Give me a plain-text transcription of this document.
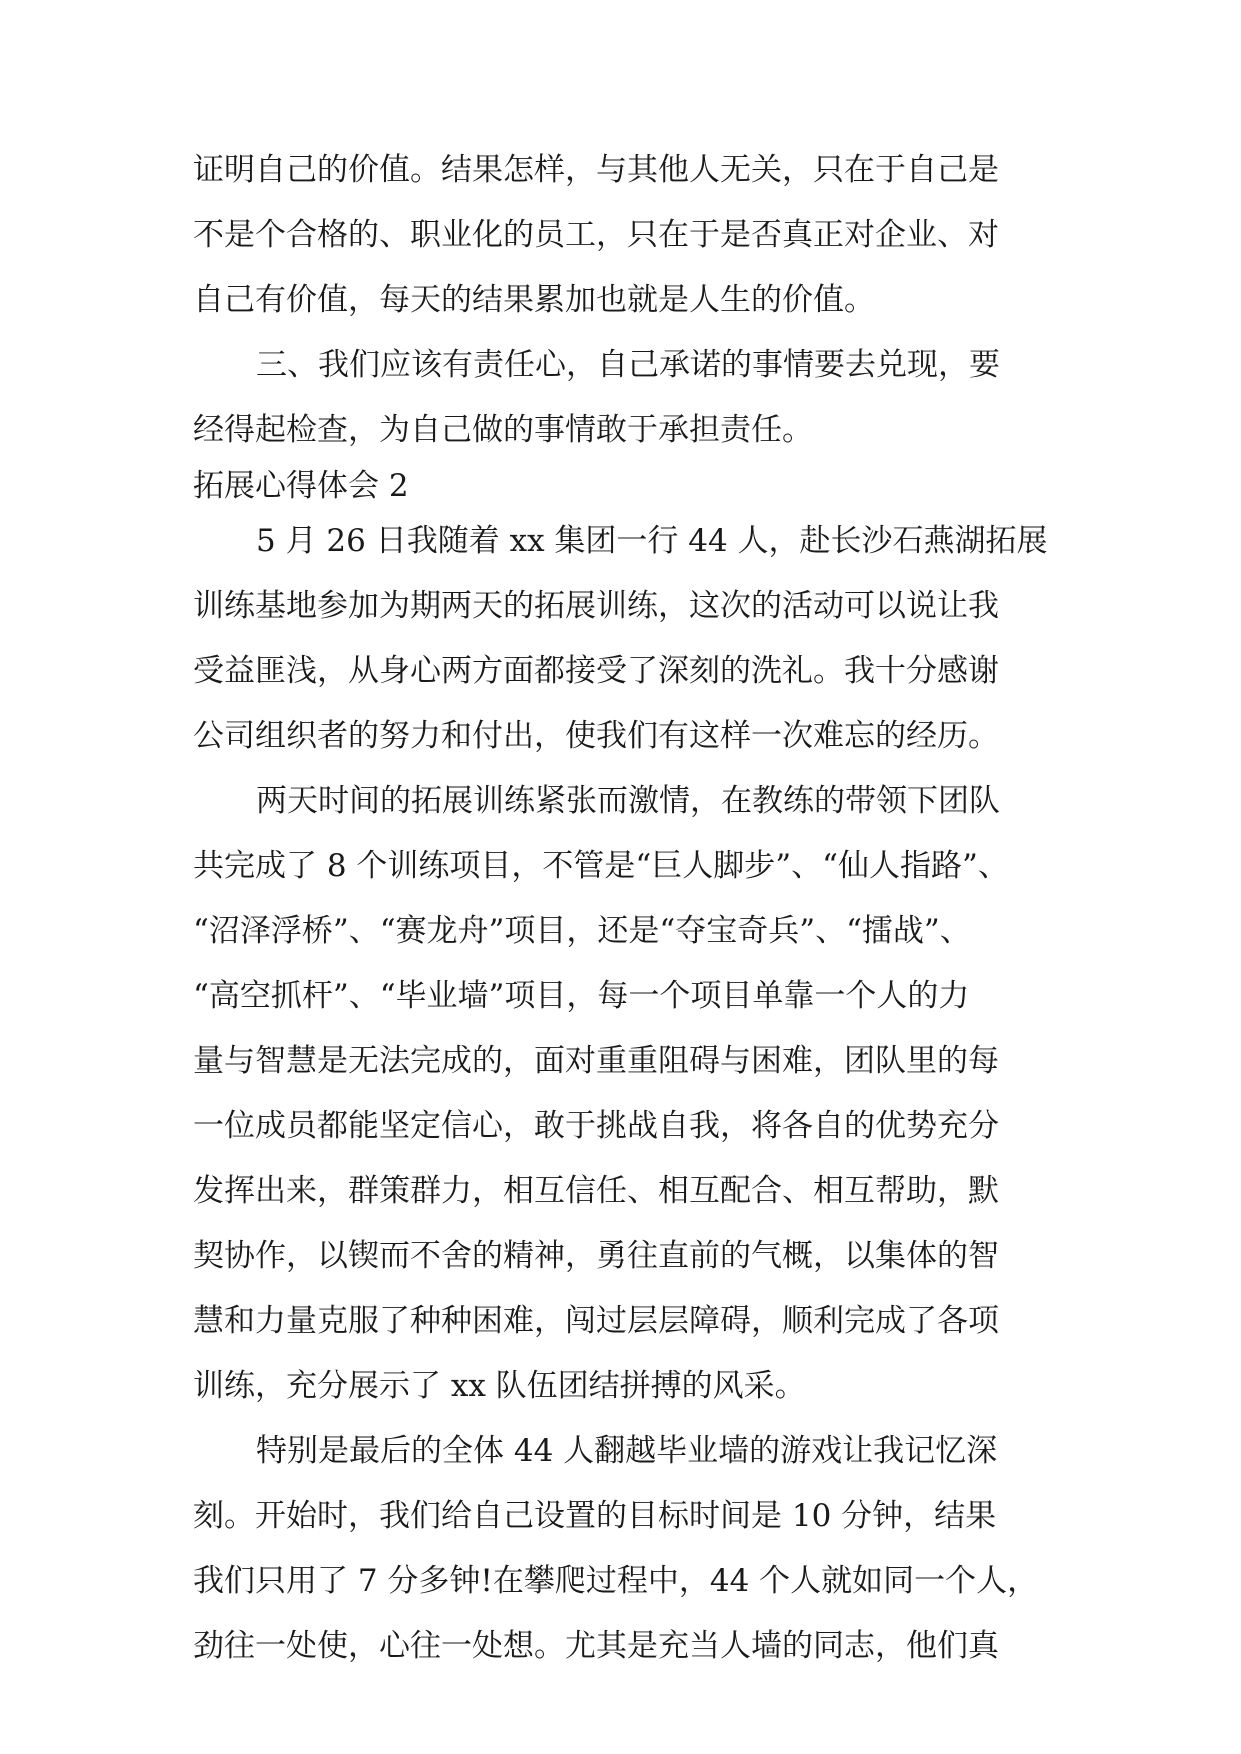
证明自己的价值。结果怎样，与其他人无关，只在于自己是
不是个合格的、职业化的员工，只在于是否真正对企业、对
自己有价值，每天的结果累加也就是人生的价值。
三、我们应该有责任心，自己承诺的事情要去兑现，要
经得起检查，为自己做的事情敢于承担责任。
拓展心得体会 2
5 月 26 日我随着 xx 集团一行 44 人，赴长沙石燕湖拓展
训练基地参加为期两天的拓展训练，这次的活动可以说让我
受益匪浅，从身心两方面都接受了深刻的洗礼。我十分感谢
公司组织者的努力和付出，使我们有这样一次难忘的经历。
两天时间的拓展训练紧张而激情，在教练的带领下团队
共完成了 8 个训练项目，不管是“巨人脚步”、“仙人指路”、
“沼泽浮桥”、“赛龙舟”项目，还是“夺宝奇兵”、“擂战”、
“高空抓杆”、“毕业墙”项目，每一个项目单靠一个人的力
量与智慧是无法完成的，面对重重阻碍与困难，团队里的每
一位成员都能坚定信心，敢于挑战自我，将各自的优势充分
发挥出来，群策群力，相互信任、相互配合、相互帮助，默
契协作，以锲而不舍的精神，勇往直前的气概，以集体的智
慧和力量克服了种种困难，闯过层层障碍，顺利完成了各项
训练，充分展示了 xx 队伍团结拼搏的风采。
特别是最后的全体 44 人翻越毕业墙的游戏让我记忆深
刻。开始时，我们给自己设置的目标时间是 10 分钟，结果
我们只用了 7 分多钟!在攀爬过程中，44 个人就如同一个人，
劲往一处使，心往一处想。尤其是充当人墙的同志，他们真
